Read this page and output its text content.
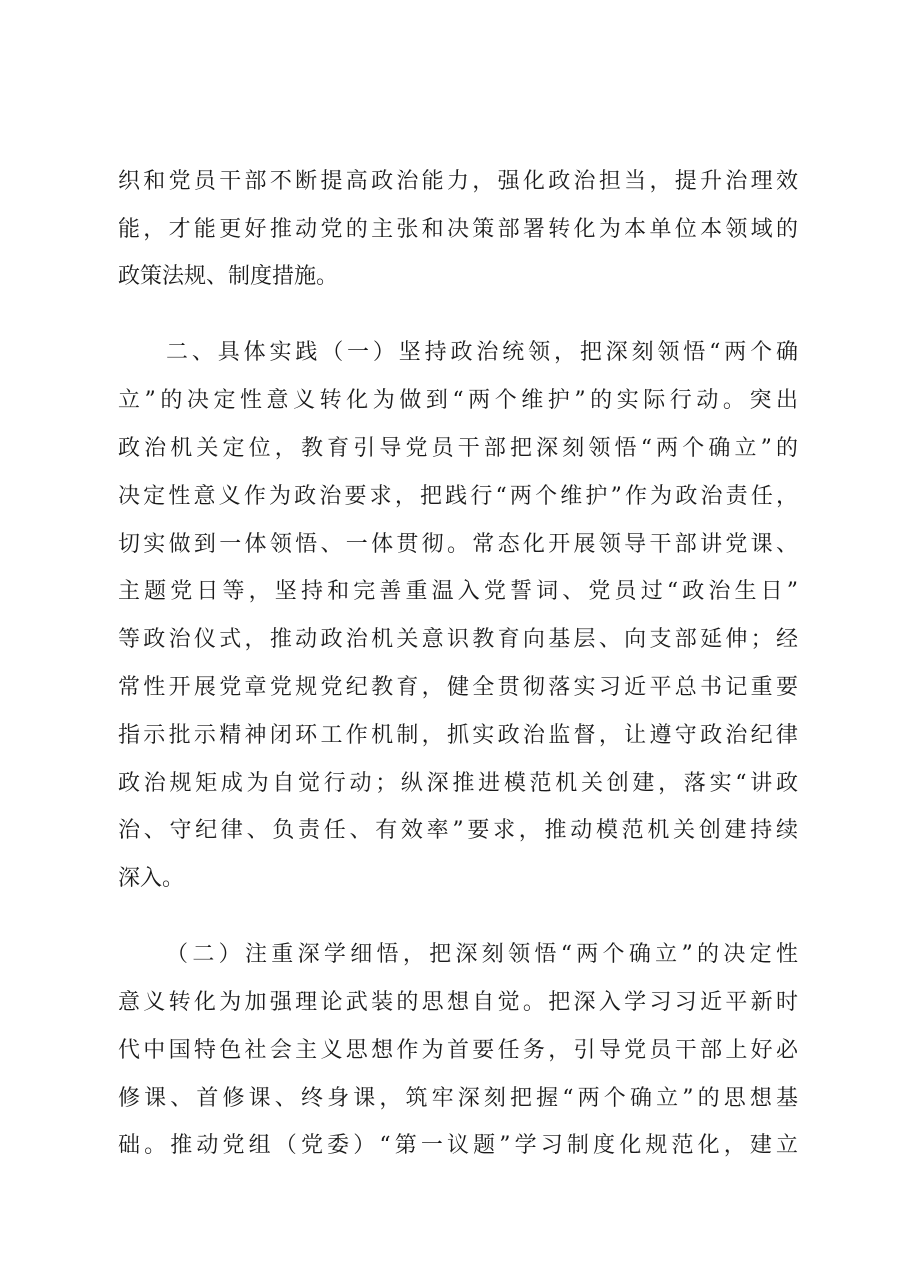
织和党员干部不断提高政治能力，强化政治担当，提升治理效
能，才能更好推动党的主张和决策部署转化为本单位本领域的
政策法规、制度措施。
二、具体实践（一）坚持政治统领，把深刻领悟“两个确
立”的决定性意义转化为做到“两个维护”的实际行动。突出
政治机关定位，教育引导党员干部把深刻领悟“两个确立”的
决定性意义作为政治要求，把践行“两个维护”作为政治责任，
切实做到一体领悟、一体贯彻。常态化开展领导干部讲党课、
主题党日等，坚持和完善重温入党誓词、党员过“政治生日”
等政治仪式，推动政治机关意识教育向基层、向支部延伸；经
常性开展党章党规党纪教育，健全贯彻落实习近平总书记重要
指示批示精神闭环工作机制，抓实政治监督，让遵守政治纪律
政治规矩成为自觉行动；纵深推进模范机关创建，落实“讲政
治、守纪律、负责任、有效率”要求，推动模范机关创建持续
深入。
（二）注重深学细悟，把深刻领悟“两个确立”的决定性
意义转化为加强理论武装的思想自觉。把深入学习习近平新时
代中国特色社会主义思想作为首要任务，引导党员干部上好必
修课、首修课、终身课，筑牢深刻把握“两个确立”的思想基
础。推动党组（党委）“第一议题”学习制度化规范化，建立
